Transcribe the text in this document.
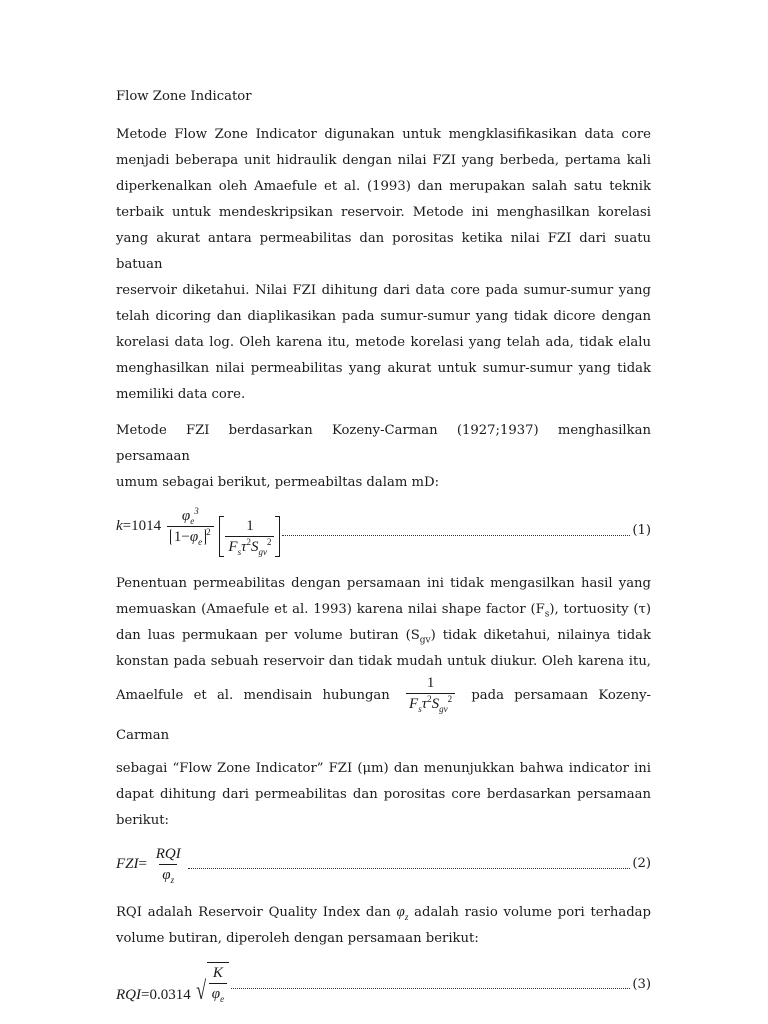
Flow Zone Indicator
Metode Flow Zone Indicator digunakan untuk mengklasifikasikan data core
menjadi beberapa unit hidraulik dengan nilai FZI yang berbeda, pertama kali
diperkenalkan oleh Amaefule et al. (1993) dan merupakan salah satu teknik
terbaik untuk mendeskripsikan reservoir. Metode ini menghasilkan korelasi
yang akurat antara permeabilitas dan porositas ketika nilai FZI dari suatu batuan
reservoir diketahui. Nilai FZI dihitung dari data core pada sumur-sumur yang
telah dicoring dan diaplikasikan pada sumur-sumur yang tidak dicore dengan
korelasi data log. Oleh karena itu, metode korelasi yang telah ada, tidak elalu
menghasilkan nilai permeabilitas yang akurat untuk sumur-sumur yang tidak
memiliki data core.
Metode FZI berdasarkan Kozeny-Carman (1927;1937) menghasilkan persamaan
umum sebagai berikut, permeabiltas dalam mD:
$k=1014 \frac{\varphi_e^3}{1-\varphi_e^2}$
$\frac{1}{F_s\tau^2S_{gv}^2}$	(1)
Penentuan permeabilitas dengan persamaan ini tidak mengasilkan hasil yang
memuaskan (Amaefule et al. 1993) karena nilai shape factor $(F_s)$, tortuosity (τ)
dan luas permukaan per volume butiran $(S_{gv})$ tidak diketahui, nilainya tidak
konstan pada sebuah reservoir dan tidak mudah untuk diukur. Oleh karena itu,
Amaelfule et al. mendisain hubungan $\frac{1}{F_s\tau^2S_{gv}^2}$ pada persamaan Kozeny-Carman
sebagai “Flow Zone Indicator” FZI (μm) dan menunjukkan bahwa indicator ini
dapat dihitung dari permeabilitas dan porositas core berdasarkan persamaan
berikut:
$FZI= \frac{\text{RQI}}{\varphi_z}$	(2)
RQI adalah Reservoir Quality Index dan $\varphi_z$ adalah rasio volume pori terhadap
volume butiran, diperoleh dengan persamaan berikut:
RQI=0.0314 √ $\frac{K}{\varphi_e}$	(3)
